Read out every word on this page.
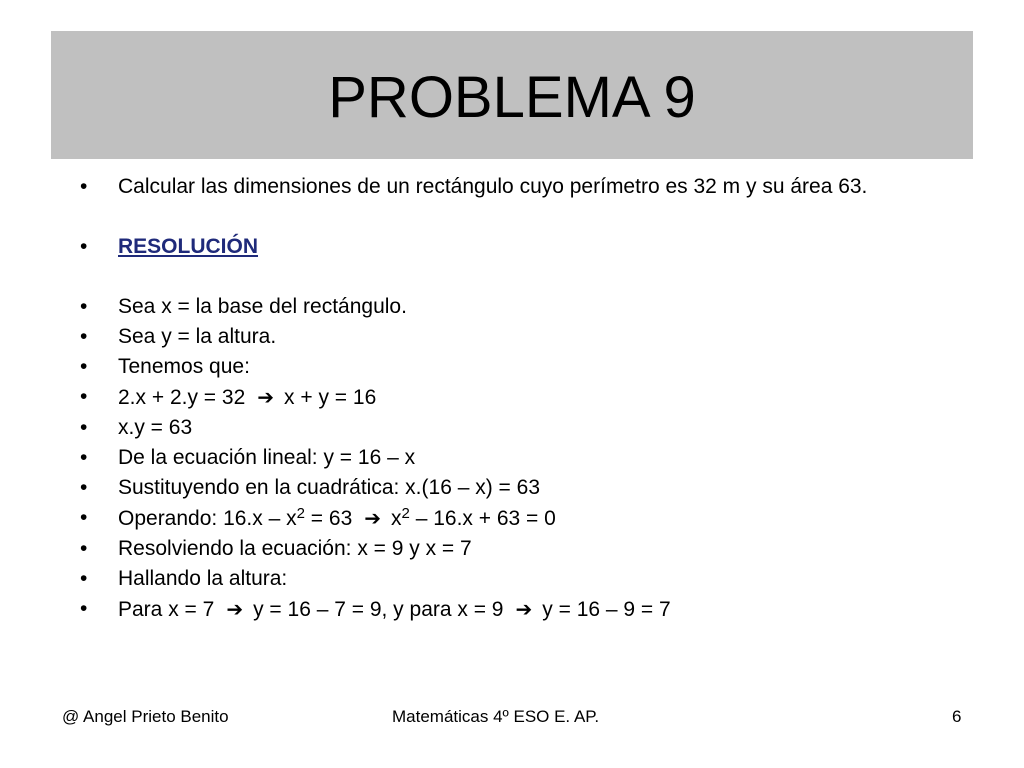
PROBLEMA 9
• Calcular las dimensiones de un rectángulo cuyo perímetro es 32 m y su área 63.
• RESOLUCIÓN
• Sea x = la base del rectángulo.
• Sea y = la altura.
• Tenemos que:
• 2.x + 2.y = 32 ➔ x + y = 16
• x.y = 63
• De la ecuación lineal: y = 16 – x
• Sustituyendo en la cuadrática: x.(16 – x) = 63
• Operando: $16.x - x^2 = 63$ ➔ $x^2 - 16.x + 63 = 0$
• Resolviendo la ecuación: x = 9 y x = 7
• Hallando la altura:
• Para x = 7 ➔ y = 16 – 7 = 9, y para x = 9 ➔ y = 16 – 9 = 7
@ Angel Prieto Benito	Matemáticas 4º ESO E. AP.	6
